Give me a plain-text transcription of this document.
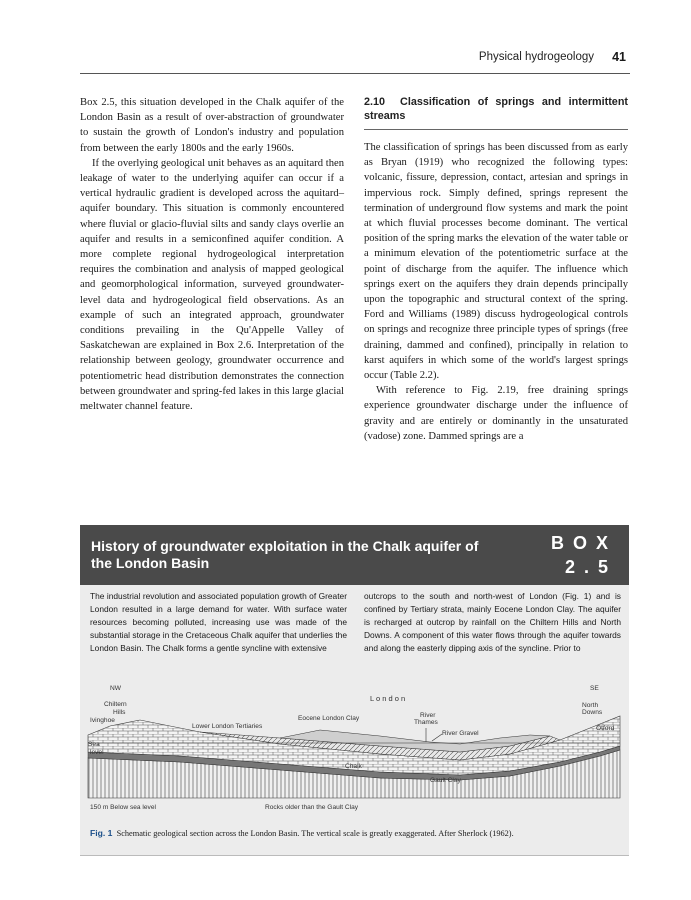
Physical hydrogeology 41

Box 2.5, this situation developed in the Chalk aquifer of the London Basin as a result of over-abstraction of groundwater to sustain the growth of London's industry and population from between the early 1800s and the early 1960s.

If the overlying geological unit behaves as an aquitard then leakage of water to the underlying aquifer can occur if a vertical hydraulic gradient is developed across the aquitard–aquifer boundary. This situation is commonly encountered where fluvial or glacio-fluvial silts and sandy clays overlie an aquifer and results in a semiconfined aquifer condition. A more complete regional hydrogeological interpretation requires the combination and analysis of mapped geological and geomorphological information, surveyed groundwater-level data and hydrogeological field observations. As an example of such an integrated approach, groundwater conditions prevailing in the Qu'Appelle Valley of Saskatchewan are explained in Box 2.6. Interpretation of the relationship between geology, groundwater occurrence and potentiometric head distribution demonstrates the connection between groundwater and spring-fed lakes in this large glacial meltwater channel feature.

2.10 Classification of springs and intermittent streams

The classification of springs has been discussed from as early as Bryan (1919) who recognized the following types: volcanic, fissure, depression, contact, artesian and springs in impervious rock. Simply defined, springs represent the termination of underground flow systems and mark the point at which fluvial processes become dominant. The vertical position of the spring marks the elevation of the water table or a minimum elevation of the potentiometric surface at the point of discharge from the aquifer. The influence which springs exert on the aquifers they drain depends principally upon the topographic and structural context of the spring. Ford and Williams (1989) discuss hydrogeological controls on springs and recognize three principle types of springs (free draining, dammed and confined), principally in relation to karst aquifers in which some of the world's largest springs occur (Table 2.2).

With reference to Fig. 2.19, free draining springs experience groundwater discharge under the influence of gravity and are entirely or dominantly in the unsaturated (vadose) zone. Dammed springs are a

History of groundwater exploitation in the Chalk aquifer of
the London Basin
BOX
2.5
The industrial revolution and associated population growth of Greater London resulted in a large demand for water. With surface water resources becoming polluted, increasing use was made of the substantial storage in the Cretaceous Chalk aquifer that underlies the London Basin. The Chalk forms a gentle syncline with extensive
outcrops to the south and north-west of London (Fig. 1) and is confined by Tertiary strata, mainly Eocene London Clay. The aquifer is recharged at outcrop by rainfall on the Chiltern Hills and North Downs. A component of this water flows through the aquifer towards and along the easterly dipping axis of the syncline. Prior to
NW	SE
L o n d o n
Chiltern
Hills
Ivinghoe
Lower London Tertiaries
Eocene London Clay	River
Thames
North
Downs
Otford
River Gravel
Sea
level
Chalk
Gault Clay
150 m Below sea level	Rocks older than the Gault Clay
Fig. 1 Schematic geological section across the London Basin. The vertical scale is greatly exaggerated. After Sherlock (1962).
